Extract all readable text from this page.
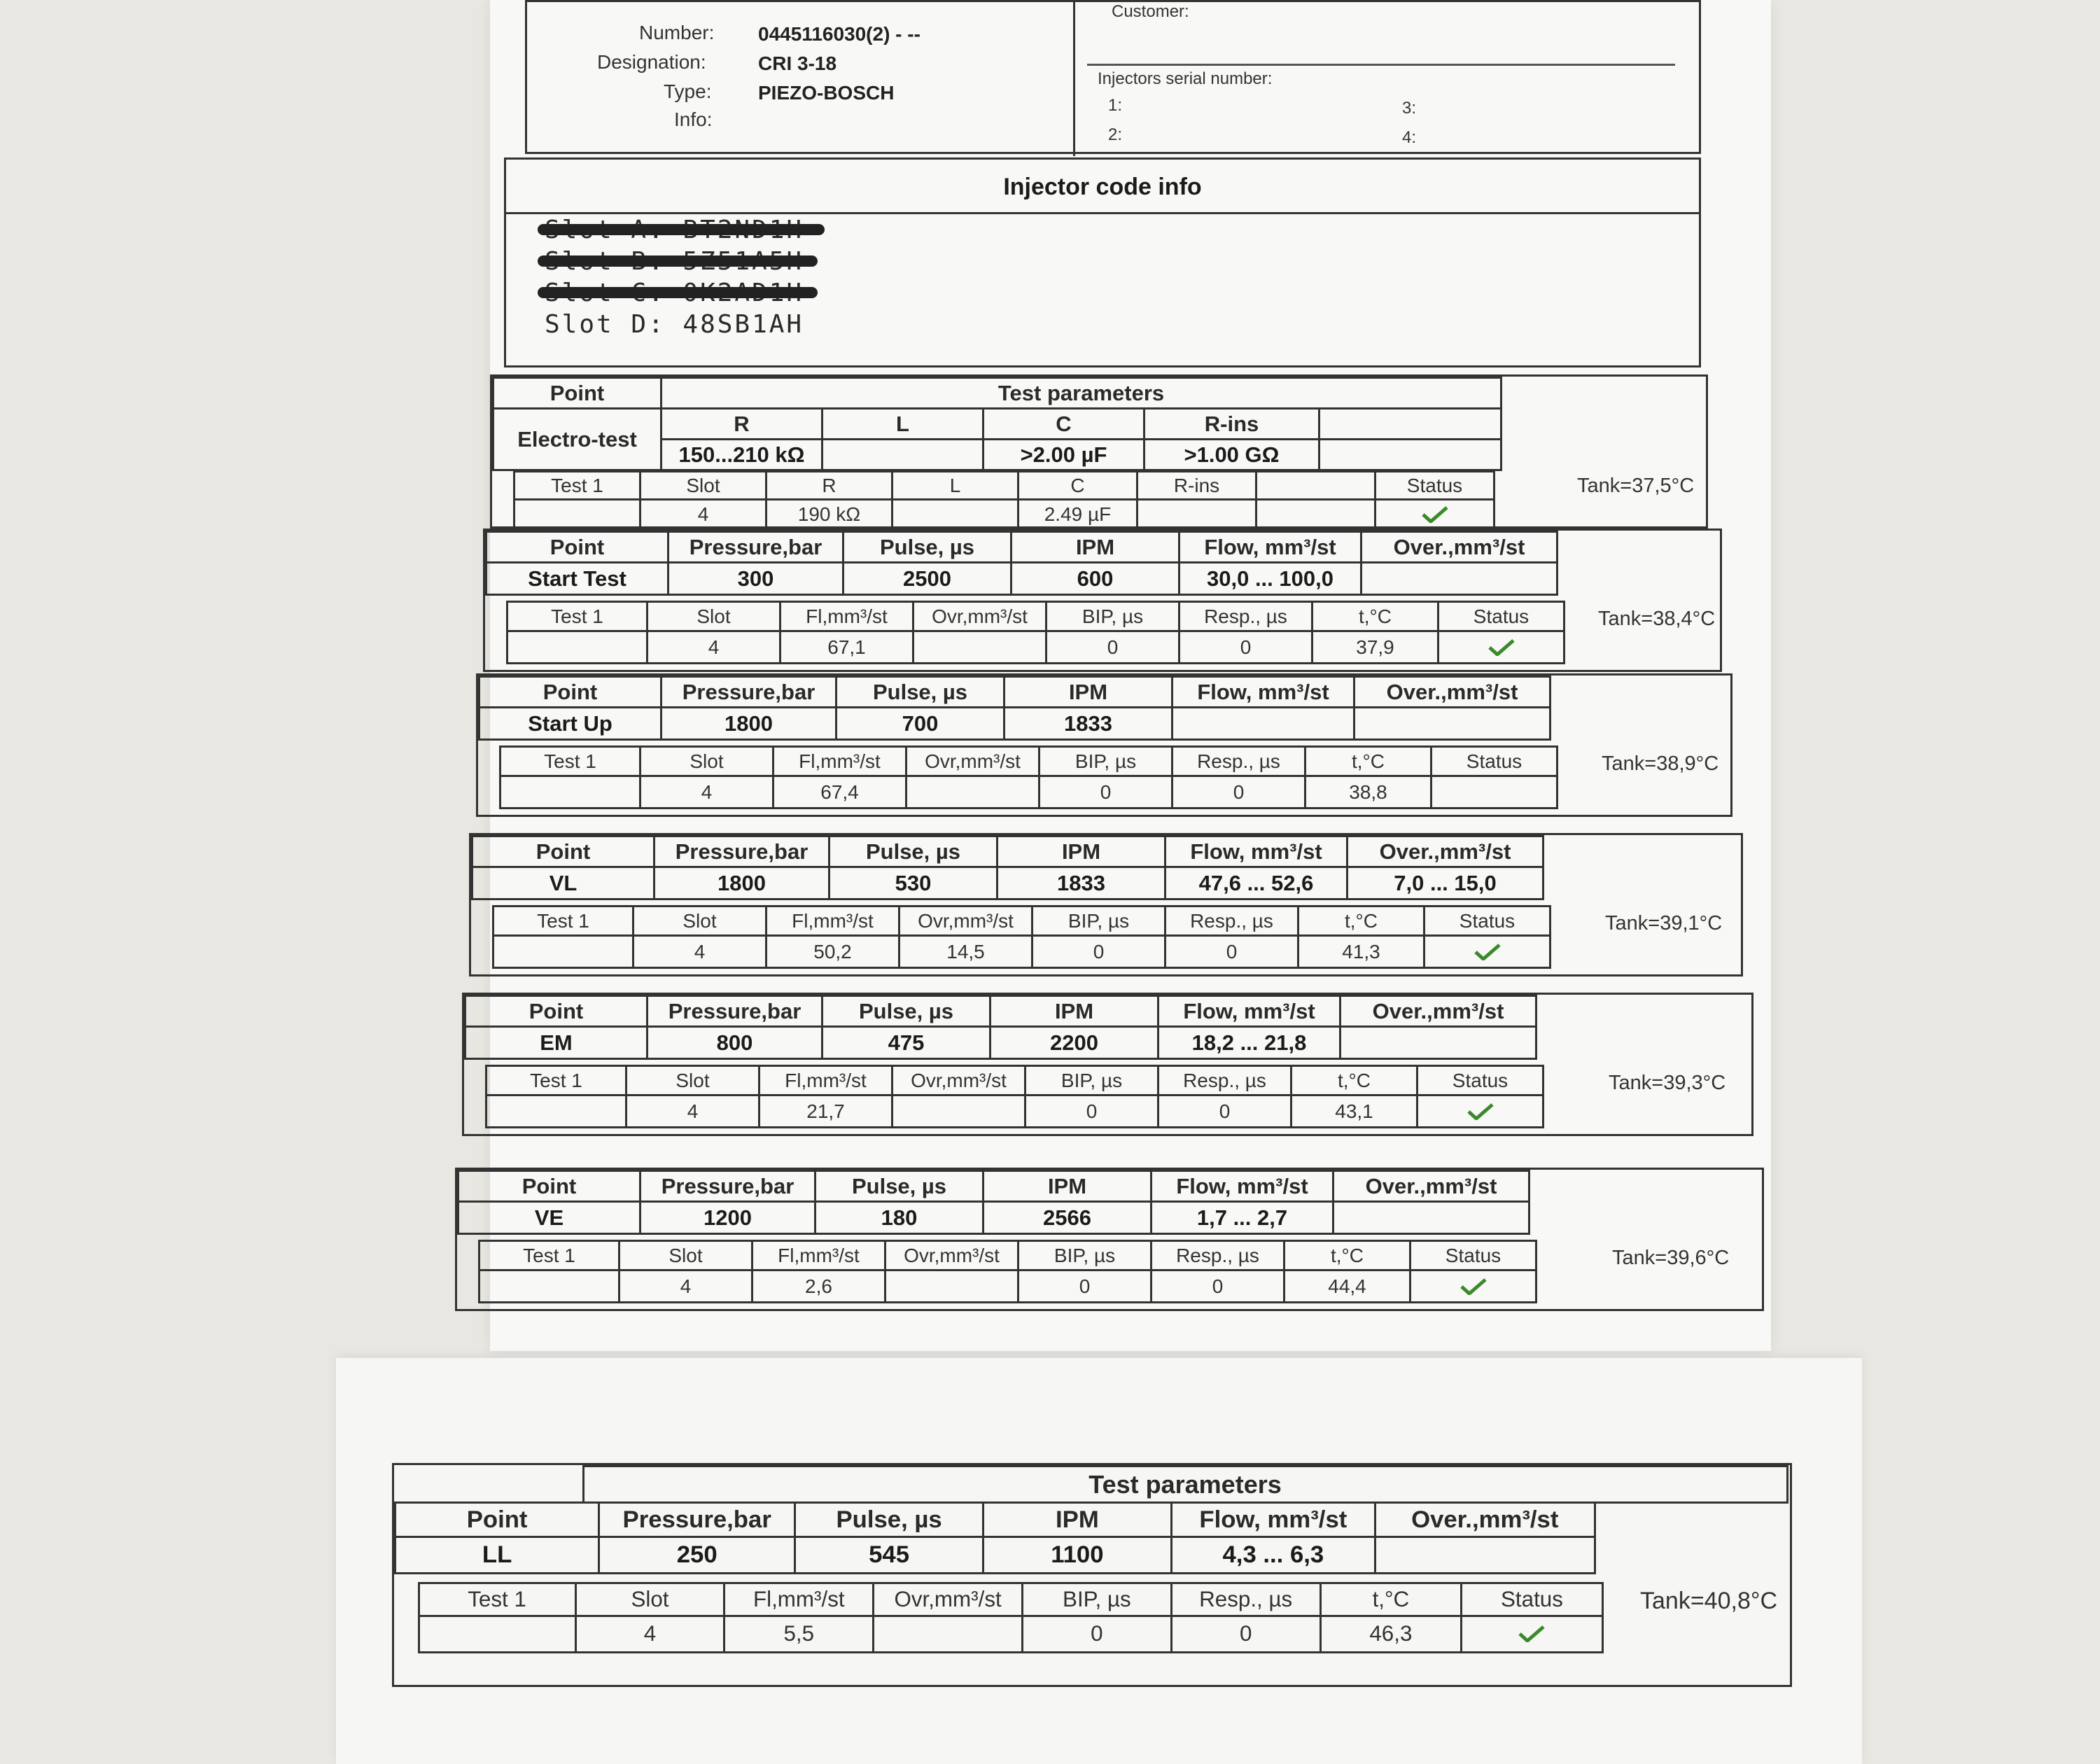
Number: 0445116030(2) - --
Designation:	CRI 3-18
Type: PIEZO-BOSCH
Info:
Customer:
Injectors serial number:
1:
2:
3:
4:
Injector code info
Slot D: 48SB1AH
Point	Test parameters				
Electro-test	R	L	C	R-ins	
	150...210 kΩ		>2.00 µF	>1.00 GΩ	
Test 1	Slot	R	L	C	R-ins		Status
	4	190 kΩ		2.49 µF			
Tank=37,5°C
Point	Pressure,bar	Pulse, µs	IPM	Flow, mm³/st	Over.,mm³/st
Start Test	300	2500	600	30,0 ... 100,0	
Test 1	Slot	Fl,mm³/st	Ovr,mm³/st	BIP, µs	Resp., µs	t,°C	Status
	4	67,1		0	0	37,9	
Tank=38,4°C
Point	Pressure,bar	Pulse, µs	IPM	Flow, mm³/st	Over.,mm³/st
Start Up	1800	700	1833		
Test 1	Slot	Fl,mm³/st	Ovr,mm³/st	BIP, µs	Resp., µs	t,°C	Status
	4	67,4		0	0	38,8	
Tank=38,9°C
Point	Pressure,bar	Pulse, µs	IPM	Flow, mm³/st	Over.,mm³/st
VL	1800	530	1833	47,6 ... 52,6	7,0 ... 15,0
Test 1	Slot	Fl,mm³/st	Ovr,mm³/st	BIP, µs	Resp., µs	t,°C	Status
	4	50,2	14,5	0	0	41,3	
Tank=39,1°C
Point	Pressure,bar	Pulse, µs	IPM	Flow, mm³/st	Over.,mm³/st
EM	800	475	2200	18,2 ... 21,8	
Test 1	Slot	Fl,mm³/st	Ovr,mm³/st	BIP, µs	Resp., µs	t,°C	Status
	4	21,7		0	0	43,1	
Tank=39,3°C
Point	Pressure,bar	Pulse, µs	IPM	Flow, mm³/st	Over.,mm³/st
VE	1200	180	2566	1,7 ... 2,7	
Test 1	Slot	Fl,mm³/st	Ovr,mm³/st	BIP, µs	Resp., µs	t,°C	Status
	4	2,6		0	0	44,4	
Tank=39,6°C
	Test parameters
Point	Pressure,bar	Pulse, µs	IPM	Flow, mm³/st	Over.,mm³/st
LL	250	545	1100	4,3 ... 6,3	
Test 1	Slot	Fl,mm³/st	Ovr,mm³/st	BIP, µs	Resp., µs	t,°C	Status
	4	5,5		0	0	46,3	
Tank=40,8°C
